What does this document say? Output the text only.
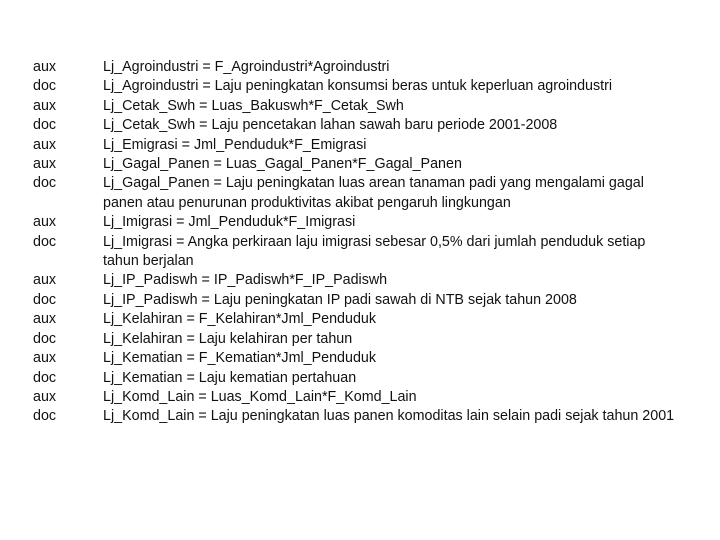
aux	Lj_Agroindustri = F_Agroindustri*Agroindustri
doc	Lj_Agroindustri = Laju peningkatan konsumsi beras untuk keperluan agroindustri
aux	Lj_Cetak_Swh = Luas_Bakuswh*F_Cetak_Swh
doc	Lj_Cetak_Swh = Laju pencetakan lahan sawah baru periode 2001-2008
aux	Lj_Emigrasi = Jml_Penduduk*F_Emigrasi
aux	Lj_Gagal_Panen = Luas_Gagal_Panen*F_Gagal_Panen
doc	Lj_Gagal_Panen = Laju peningkatan luas arean tanaman padi yang mengalami gagal panen atau penurunan produktivitas akibat pengaruh lingkungan
aux	Lj_Imigrasi = Jml_Penduduk*F_Imigrasi
doc	Lj_Imigrasi = Angka perkiraan laju imigrasi sebesar 0,5% dari jumlah penduduk setiap tahun berjalan
aux	Lj_IP_Padiswh = IP_Padiswh*F_IP_Padiswh
doc	Lj_IP_Padiswh = Laju peningkatan IP padi sawah di NTB sejak tahun 2008
aux	Lj_Kelahiran = F_Kelahiran*Jml_Penduduk
doc	Lj_Kelahiran = Laju kelahiran per tahun
aux	Lj_Kematian = F_Kematian*Jml_Penduduk
doc	Lj_Kematian = Laju kematian pertahuan
aux	Lj_Komd_Lain = Luas_Komd_Lain*F_Komd_Lain
doc	Lj_Komd_Lain = Laju peningkatan luas panen komoditas lain selain padi sejak tahun 2001
